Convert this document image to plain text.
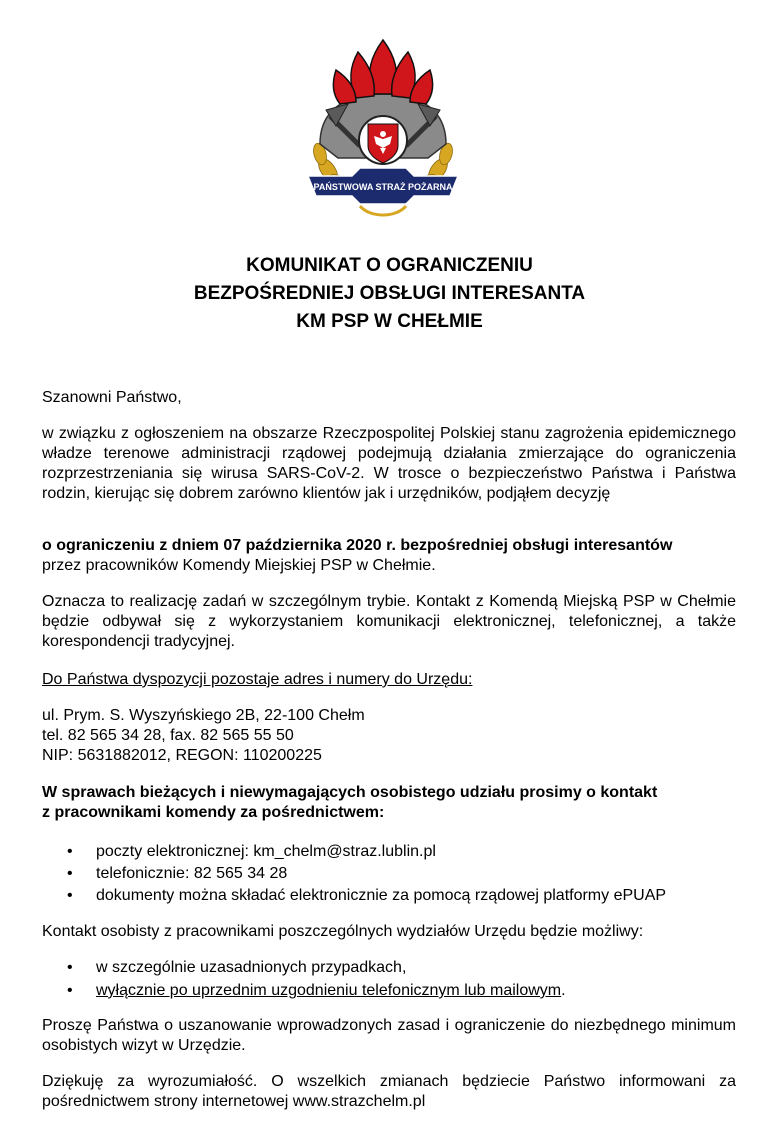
PAŃSTWOWA STRAŻ POŻARNA
KOMUNIKAT O OGRANICZENIU
BEZPOŚREDNIEJ OBSŁUGI INTERESANTA
KM PSP W CHEŁMIE
Szanowni Państwo,
w związku z ogłoszeniem na obszarze Rzeczpospolitej Polskiej stanu zagrożenia epidemicznego władze terenowe administracji rządowej podejmują działania zmierzające do ograniczenia rozprzestrzeniania się wirusa SARS-CoV-2. W trosce o bezpieczeństwo Państwa i Państwa rodzin, kierując się dobrem zarówno klientów jak i urzędników, podjąłem decyzję
o ograniczeniu z dniem 07 października 2020 r. bezpośredniej obsługi interesantów
przez pracowników Komendy Miejskiej PSP w Chełmie.
Oznacza to realizację zadań w szczególnym trybie. Kontakt z Komendą Miejską PSP w Chełmie będzie odbywał się z wykorzystaniem komunikacji elektronicznej, telefonicznej, a także korespondencji tradycyjnej.
Do Państwa dyspozycji pozostaje adres i numery do Urzędu:
ul. Prym. S. Wyszyńskiego 2B, 22-100 Chełm
tel. 82 565 34 28, fax. 82 565 55 50
NIP: 5631882012, REGON: 110200225
W sprawach bieżących i niewymagających osobistego udziału prosimy o kontakt
z pracownikami komendy za pośrednictwem:
• poczty elektronicznej: km_chelm@straz.lublin.pl
• telefonicznie: 82 565 34 28
• dokumenty można składać elektronicznie za pomocą rządowej platformy ePUAP
Kontakt osobisty z pracownikami poszczególnych wydziałów Urzędu będzie możliwy:
• w szczególnie uzasadnionych przypadkach,
• wyłącznie po uprzednim uzgodnieniu telefonicznym lub mailowym.
Proszę Państwa o uszanowanie wprowadzonych zasad i ograniczenie do niezbędnego minimum osobistych wizyt w Urzędzie.
Dziękuję za wyrozumiałość. O wszelkich zmianach będziecie Państwo informowani za pośrednictwem strony internetowej www.strazchelm.pl
